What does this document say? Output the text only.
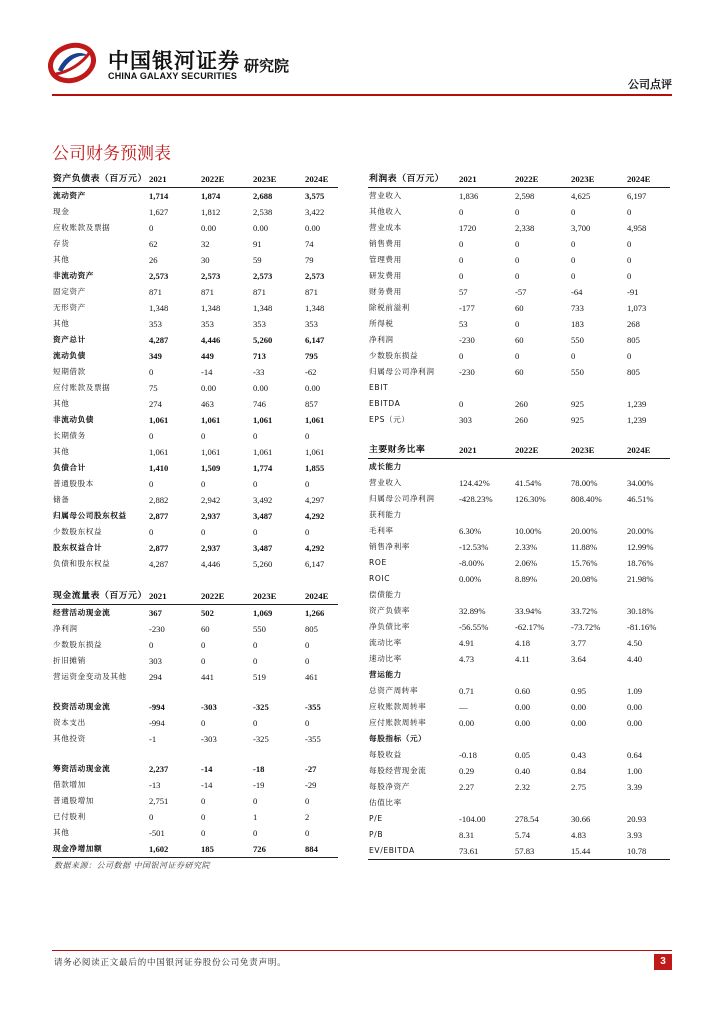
中国银河证券
CHINA GALAXY SECURITIES
研究院
公司点评
公司财务预测表
资产负债表（百万元）	2021	2022E	2023E	2024E
流动资产	1,714	1,874	2,688	3,575
现金	1,627	1,812	2,538	3,422
应收账款及票据	0	0.00	0.00	0.00
存货	62	32	91	74
其他	26	30	59	79
非流动资产	2,573	2,573	2,573	2,573
固定资产	871	871	871	871
无形资产	1,348	1,348	1,348	1,348
其他	353	353	353	353
资产总计	4,287	4,446	5,260	6,147
流动负债	349	449	713	795
短期借款	0	-14	-33	-62
应付账款及票据	75	0.00	0.00	0.00
其他	274	463	746	857
非流动负债	1,061	1,061	1,061	1,061
长期债务	0	0	0	0
其他	1,061	1,061	1,061	1,061
负债合计	1,410	1,509	1,774	1,855
普通股股本	0	0	0	0
储备	2,882	2,942	3,492	4,297
归属母公司股东权益	2,877	2,937	3,487	4,292
少数股东权益	0	0	0	0
股东权益合计	2,877	2,937	3,487	4,292
负债和股东权益	4,287	4,446	5,260	6,147
利润表（百万元）	2021	2022E	2023E	2024E
营业收入	1,836	2,598	4,625	6,197
其他收入	0	0	0	0
营业成本	1720	2,338	3,700	4,958
销售费用	0	0	0	0
管理费用	0	0	0	0
研发费用	0	0	0	0
财务费用	57	-57	-64	-91
除税前溢利	-177	60	733	1,073
所得税	53	0	183	268
净利润	-230	60	550	805
少数股东损益	0	0	0	0
归属母公司净利润	-230	60	550	805
EBIT				
EBITDA	0	260	925	1,239
EPS（元）	303	260	925	1,239

主要财务比率	2021	2022E	2023E	2024E
成长能力				
营业收入	124.42%	41.54%	78.00%	34.00%
归属母公司净利润	-428.23%	126.30%	808.40%	46.51%
获利能力				
毛利率	6.30%	10.00%	20.00%	20.00%
销售净利率	-12.53%	2.33%	11.88%	12.99%
ROE	-8.00%	2.06%	15.76%	18.76%
ROIC	0.00%	8.89%	20.08%	21.98%
偿债能力				
资产负债率	32.89%	33.94%	33.72%	30.18%
净负债比率	-56.55%	-62.17%	-73.72%	-81.16%
流动比率	4.91	4.18	3.77	4.50
速动比率	4.73	4.11	3.64	4.40
营运能力				
总资产周转率	0.71	0.60	0.95	1.09
应收账款周转率	—	0.00	0.00	0.00
应付账款周转率	0.00	0.00	0.00	0.00
每股指标（元）				
每股收益	-0.18	0.05	0.43	0.64
每股经营现金流	0.29	0.40	0.84	1.00
每股净资产	2.27	2.32	2.75	3.39
估值比率				
P/E	-104.00	278.54	30.66	20.93
P/B	8.31	5.74	4.83	3.93
EV/EBITDA	73.61	57.83	15.44	10.78
现金流量表（百万元）	2021	2022E	2023E	2024E
经营活动现金流	367	502	1,069	1,266
净利润	-230	60	550	805
少数股东损益	0	0	0	0
折旧摊销	303	0	0	0
营运资金变动及其他	294	441	519	461

投资活动现金流	-994	-303	-325	-355
资本支出	-994	0	0	0
其他投资	-1	-303	-325	-355

筹资活动现金流	2,237	-14	-18	-27
借款增加	-13	-14	-19	-29
普通股增加	2,751	0	0	0
已付股利	0	0	1	2
其他	-501	0	0	0
现金净增加额	1,602	185	726	884
数据来源：公司数据 中国银河证券研究院
请务必阅读正文最后的中国银河证券股份公司免责声明。	3
